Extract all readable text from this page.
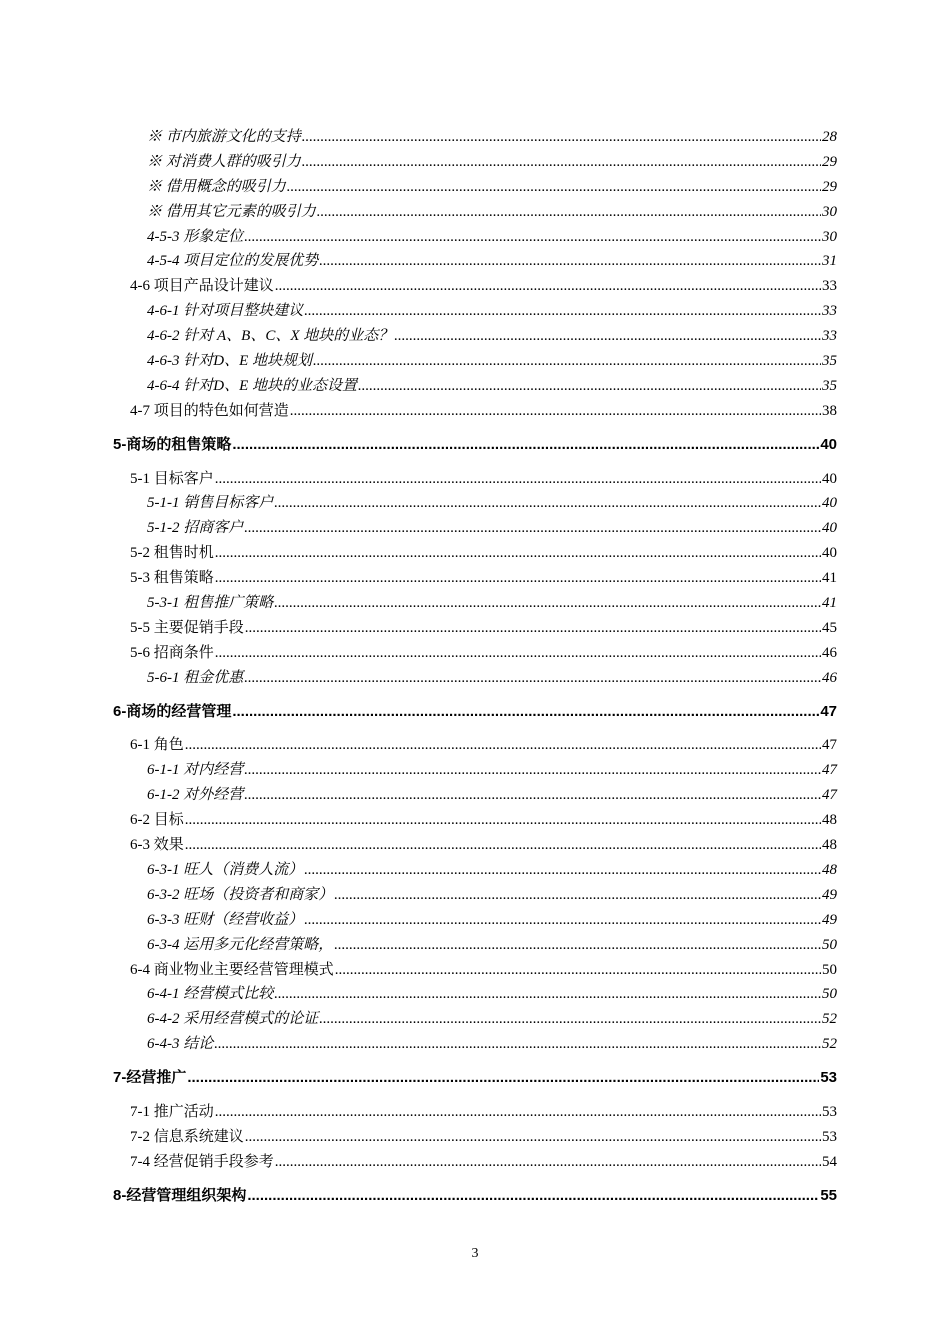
※ 市内旅游文化的支持 .....	28
※ 对消费人群的吸引力 .....	29
※ 借用概念的吸引力 .....	29
※ 借用其它元素的吸引力 .....	30
4-5-3 形象定位 .....	30
4-5-4 项目定位的发展优势 .....	31
4-6 项目产品设计建议 .....	33
4-6-1 针对项目整块建议 .....	33
4-6-2 针对 A、B、C、X 地块的业态？ .....	33
4-6-3 针对D、E 地块规划 .....	35
4-6-4 针对D、E 地块的业态设置 .....	35
4-7 项目的特色如何营造 .....	38
5-商场的租售策略 .....	40
5-1 目标客户 .....	40
5-1-1 销售目标客户 .....	40
5-1-2 招商客户 .....	40
5-2 租售时机 .....	40
5-3 租售策略 .....	41
5-3-1 租售推广策略 .....	41
5-5 主要促销手段 .....	45
5-6 招商条件 .....	46
5-6-1 租金优惠 .....	46
6-商场的经营管理 .....	47
6-1 角色 .....	47
6-1-1 对内经营 .....	47
6-1-2 对外经营 .....	47
6-2 目标 .....	48
6-3 效果 .....	48
6-3-1 旺人（消费人流） .....	48
6-3-2 旺场（投资者和商家） .....	49
6-3-3 旺财（经营收益） .....	49
6-3-4 运用多元化经营策略， .....	50
6-4 商业物业主要经营管理模式 .....	50
6-4-1 经营模式比较 .....	50
6-4-2 采用经营模式的论证 .....	52
6-4-3 结论 .....	52
7-经营推广 .....	53
7-1 推广活动 .....	53
7-2 信息系统建议 .....	53
7-4 经营促销手段参考 .....	54
8-经营管理组织架构 .....	55
3
